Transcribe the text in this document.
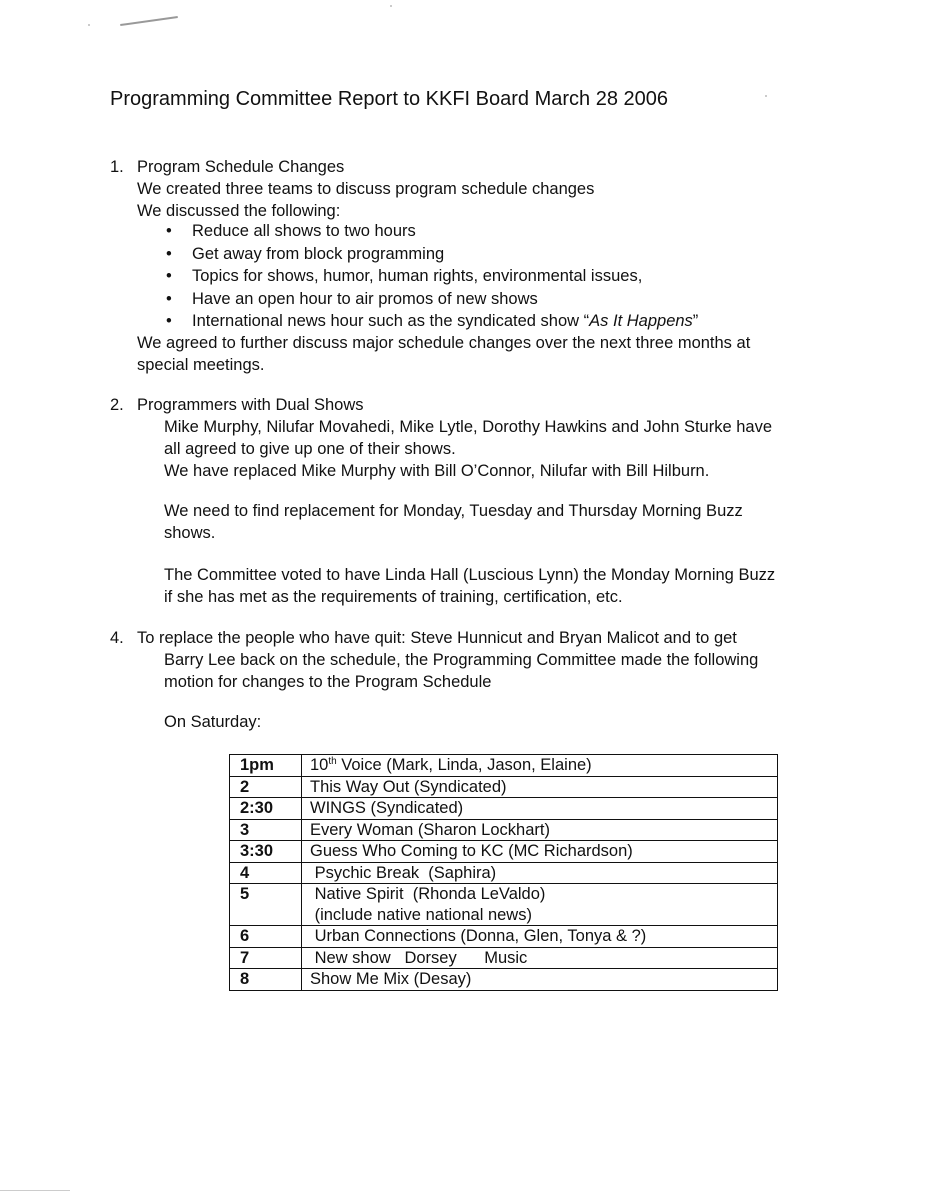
Programming Committee Report to KKFI Board March 28 2006
1. Program Schedule Changes
We created three teams to discuss program schedule changes
We discussed the following:
• Reduce all shows to two hours
• Get away from block programming
• Topics for shows, humor, human rights, environmental issues,
• Have an open hour to air promos of new shows
• International news hour such as the syndicated show “As It Happens”
We agreed to further discuss major schedule changes over the next three months at
special meetings.
2. Programmers with Dual Shows
Mike Murphy, Nilufar Movahedi, Mike Lytle, Dorothy Hawkins and John Sturke have
all agreed to give up one of their shows.
We have replaced Mike Murphy with Bill O’Connor, Nilufar with Bill Hilburn.
We need to find replacement for Monday, Tuesday and Thursday Morning Buzz
shows.
The Committee voted to have Linda Hall (Luscious Lynn) the Monday Morning Buzz
if she has met as the requirements of training, certification, etc.
4. To replace the people who have quit: Steve Hunnicut and Bryan Malicot and to get
Barry Lee back on the schedule, the Programming Committee made the following
motion for changes to the Program Schedule
On Saturday:
1pm	10th Voice (Mark, Linda, Jason, Elaine)
2	This Way Out (Syndicated)
2:30	WINGS (Syndicated)
3	Every Woman (Sharon Lockhart)
3:30	Guess Who Coming to KC (MC Richardson)
4	Psychic Break  (Saphira)
5	Native Spirit  (Rhonda LeValdo)
(include native national news)

6	Urban Connections (Donna, Glen, Tonya & ?)
7	New show   Dorsey      Music
8	Show Me Mix (Desay)
